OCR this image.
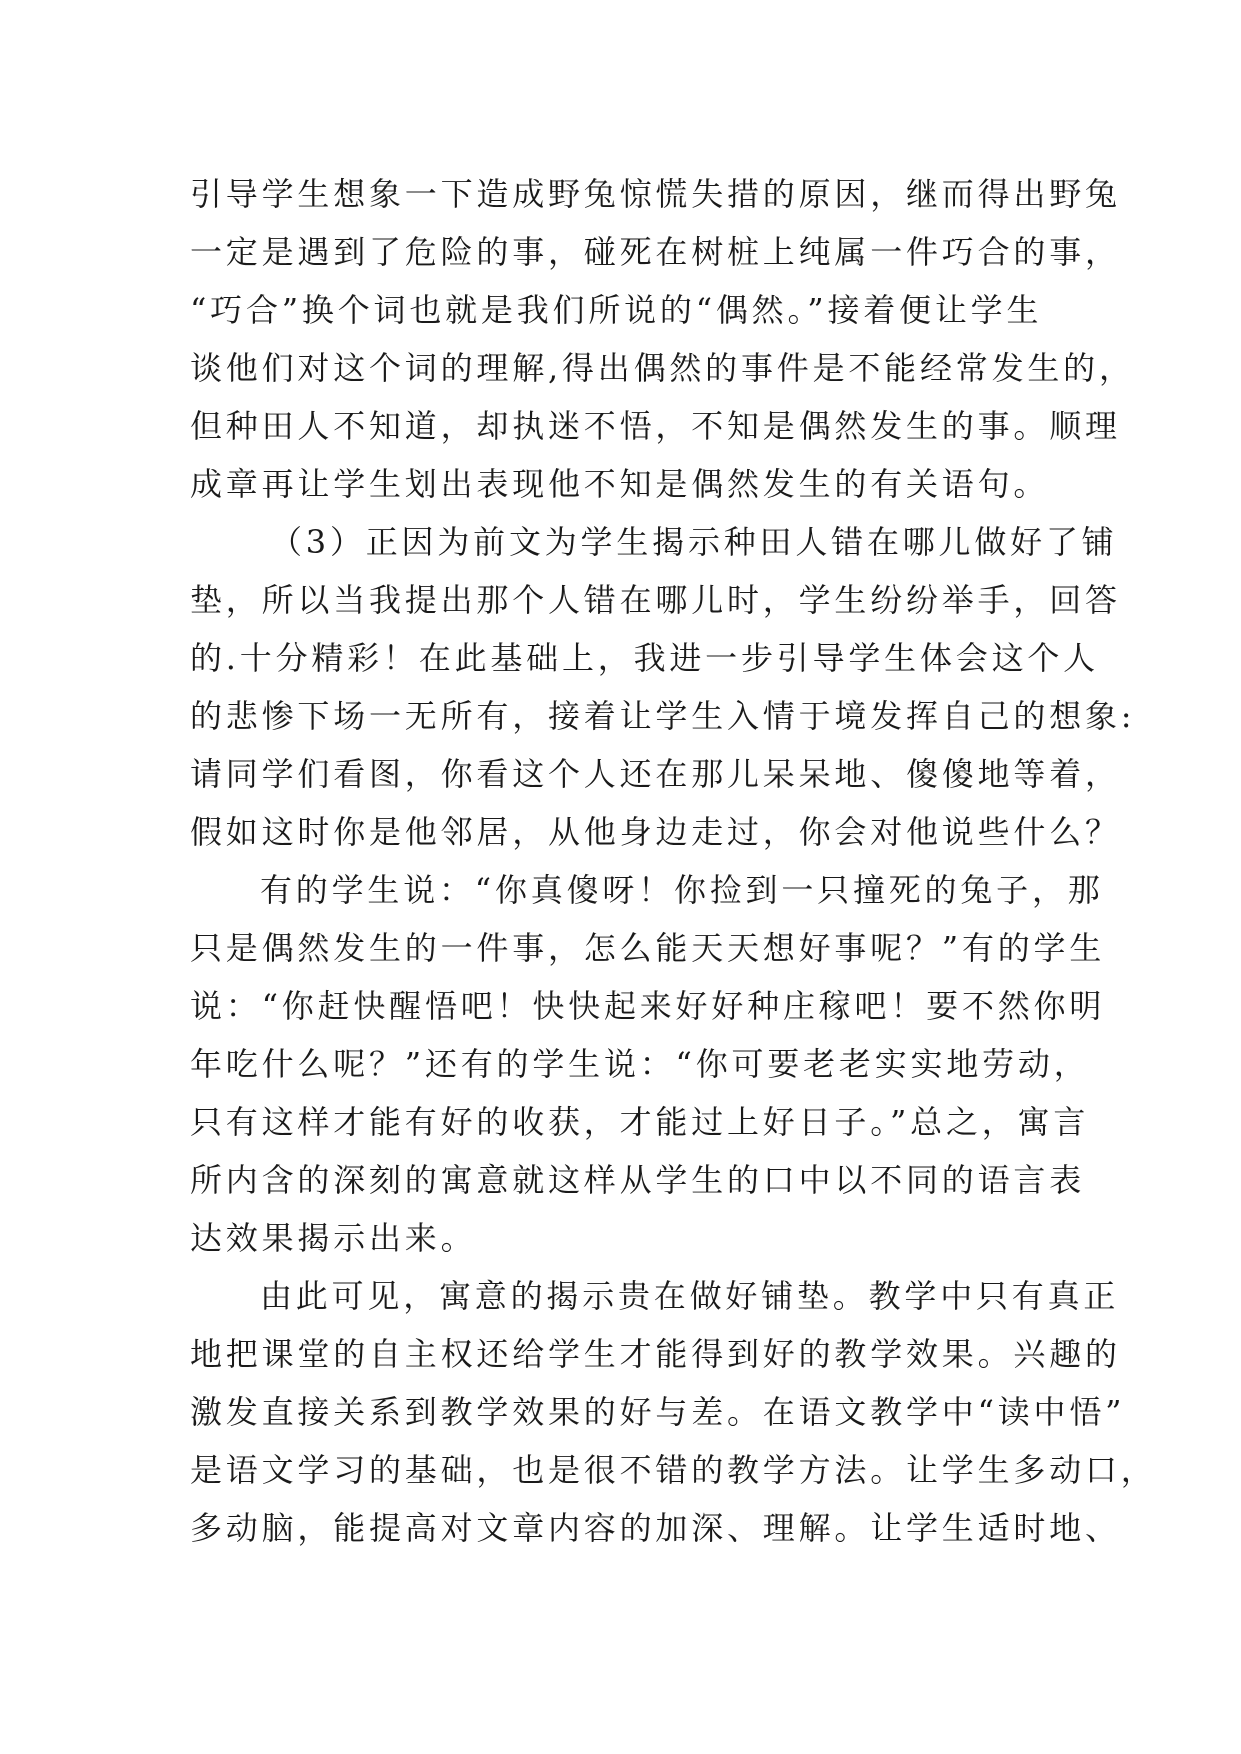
引导学生想象一下造成野兔惊慌失措的原因，继而得出野兔
一定是遇到了危险的事，碰死在树桩上纯属一件巧合的事，
“巧合”换个词也就是我们所说的“偶然。”接着便让学生
谈他们对这个词的理解,得出偶然的事件是不能经常发生的，
但种田人不知道，却执迷不悟，不知是偶然发生的事。顺理
成章再让学生划出表现他不知是偶然发生的有关语句。
（3）正因为前文为学生揭示种田人错在哪儿做好了铺
垫，所以当我提出那个人错在哪儿时，学生纷纷举手，回答
的.十分精彩！在此基础上，我进一步引导学生体会这个人
的悲惨下场一无所有，接着让学生入情于境发挥自己的想象:
请同学们看图，你看这个人还在那儿呆呆地、傻傻地等着，
假如这时你是他邻居，从他身边走过，你会对他说些什么？
有的学生说：“你真傻呀！你捡到一只撞死的兔子，那
只是偶然发生的一件事，怎么能天天想好事呢？”有的学生
说：“你赶快醒悟吧！快快起来好好种庄稼吧！要不然你明
年吃什么呢？”还有的学生说：“你可要老老实实地劳动，
只有这样才能有好的收获，才能过上好日子。”总之，寓言
所内含的深刻的寓意就这样从学生的口中以不同的语言表
达效果揭示出来。
由此可见，寓意的揭示贵在做好铺垫。教学中只有真正
地把课堂的自主权还给学生才能得到好的教学效果。兴趣的
激发直接关系到教学效果的好与差。在语文教学中“读中悟”
是语文学习的基础，也是很不错的教学方法。让学生多动口，
多动脑，能提高对文章内容的加深、理解。让学生适时地、
